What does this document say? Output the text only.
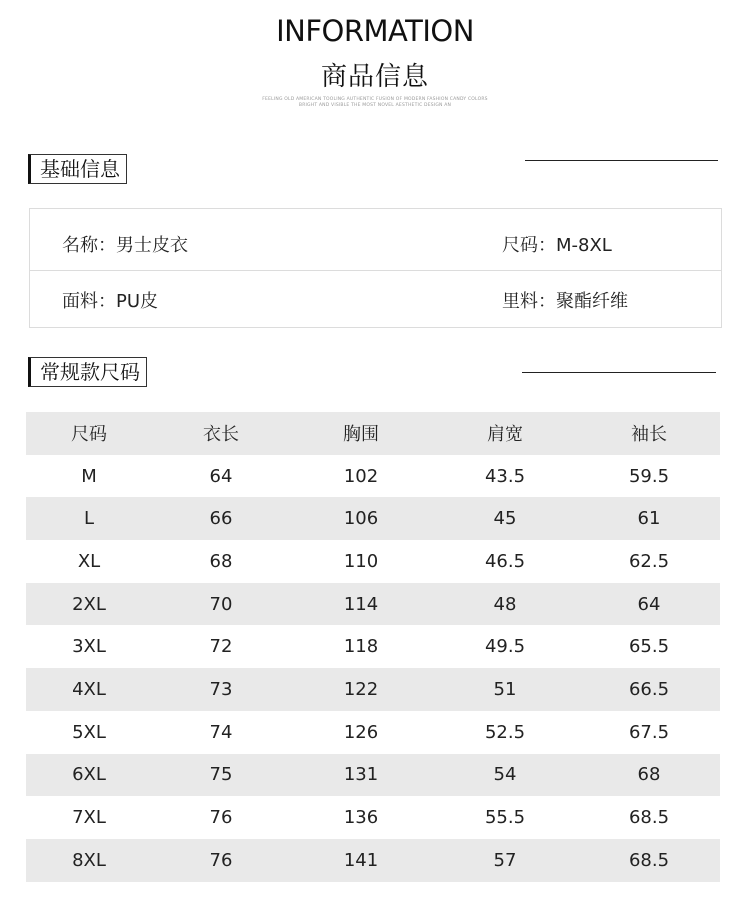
INFORMATION
商品信息
FEELING OLD AMERICAN TOOLING AUTHENTIC FUSION OF MODERN FASHION CANDY COLORS
BRIGHT AND VISIBLE THE MOST NOVEL AESTHETIC DESIGN AN
基础信息
名称：男士皮衣	尺码：M-8XL
面料：PU皮	里料：聚酯纤维
常规款尺码
尺码	衣长	胸围	肩宽	袖长
M	64	102	43.5	59.5
L	66	106	45	61
XL	68	110	46.5	62.5
2XL	70	114	48	64
3XL	72	118	49.5	65.5
4XL	73	122	51	66.5
5XL	74	126	52.5	67.5
6XL	75	131	54	68
7XL	76	136	55.5	68.5
8XL	76	141	57	68.5
